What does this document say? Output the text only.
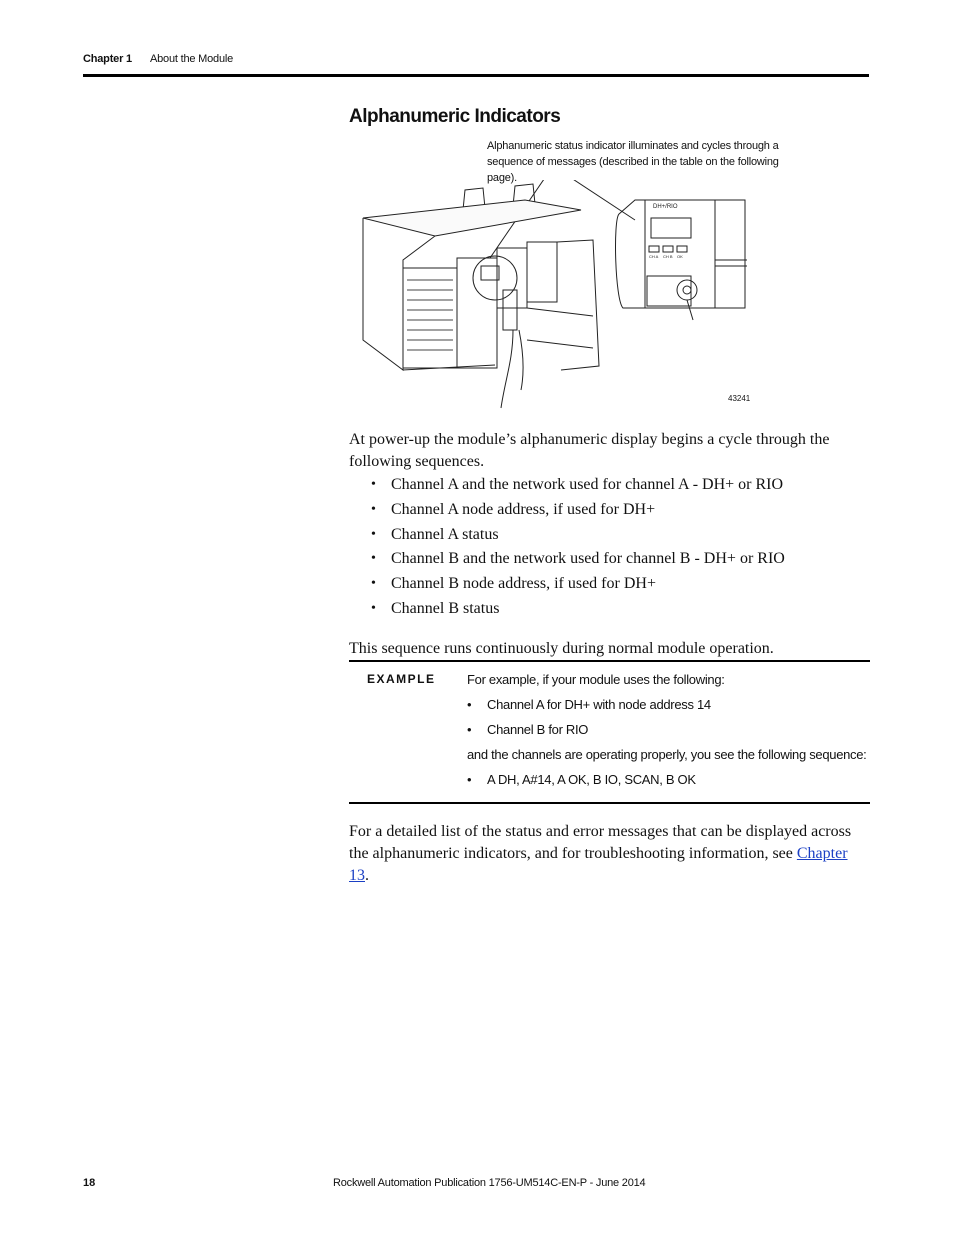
Chapter 1 About the Module
Alphanumeric Indicators
Alphanumeric status indicator illuminates and cycles through a sequence of messages (described in the table on the following page).
DH+/RIO
CH A CH B OK
43241
At power-up the module’s alphanumeric display begins a cycle through the following sequences.
• Channel A and the network used for channel A - DH+ or RIO
• Channel A node address, if used for DH+
• Channel A status
• Channel B and the network used for channel B - DH+ or RIO
• Channel B node address, if used for DH+
• Channel B status
This sequence runs continuously during normal module operation.
EXAMPLE For example, if your module uses the following:
• Channel A for DH+ with node address 14
• Channel B for RIO
and the channels are operating properly, you see the following sequence:
• A DH, A#14, A OK, B IO, SCAN, B OK
For a detailed list of the status and error messages that can be displayed across the alphanumeric indicators, and for troubleshooting information, see Chapter 13.
18	Rockwell Automation Publication 1756-UM514C-EN-P - June 2014
